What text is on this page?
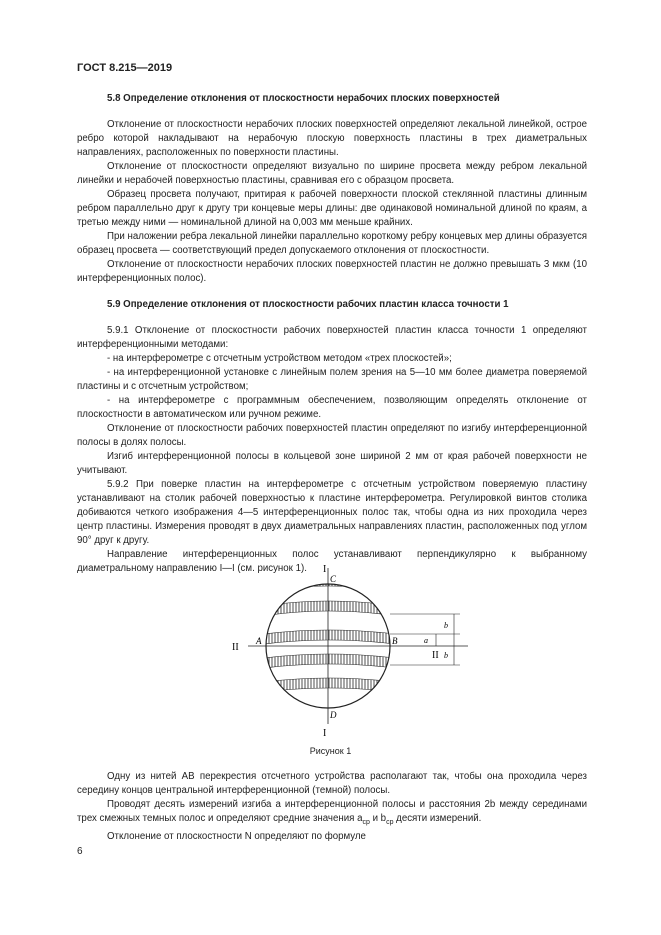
ГОСТ 8.215—2019
5.8 Определение отклонения от плоскостности нерабочих плоских поверхностей

Отклонение от плоскостности нерабочих плоских поверхностей определяют лекальной линейкой, острое ребро которой накладывают на нерабочую плоскую поверхность пластины в трех диаметральных направлениях, расположенных по поверхности пластины.

Отклонение от плоскостности определяют визуально по ширине просвета между ребром лекальной линейки и нерабочей поверхностью пластины, сравнивая его с образцом просвета.

Образец просвета получают, притирая к рабочей поверхности плоской стеклянной пластины длинным ребром параллельно друг к другу три концевые меры длины: две одинаковой номинальной длиной по краям, а третью между ними — номинальной длиной на 0,003 мм меньше крайних.

При наложении ребра лекальной линейки параллельно короткому ребру концевых мер длины образуется образец просвета — соответствующий предел допускаемого отклонения от плоскостности.

Отклонение от плоскостности нерабочих плоских поверхностей пластин не должно превышать 3 мкм (10 интерференционных полос).

5.9 Определение отклонения от плоскостности рабочих пластин класса точности 1

5.9.1 Отклонение от плоскостности рабочих поверхностей пластин класса точности 1 определяют интерференционными методами:

- на интерферометре с отсчетным устройством методом «трех плоскостей»;

- на интерференционной установке с линейным полем зрения на 5—10 мм более диаметра поверяемой пластины и с отсчетным устройством;

- на интерферометре с программным обеспечением, позволяющим определять отклонение от плоскостности в автоматическом или ручном режиме.

Отклонение от плоскостности рабочих поверхностей пластин определяют по изгибу интерференционной полосы в долях полосы.

Изгиб интерференционной полосы в кольцевой зоне шириной 2 мм от края рабочей поверхности не учитывают.

5.9.2 При поверке пластин на интерферометре с отсчетным устройством поверяемую пластину устанавливают на столик рабочей поверхностью к пластине интерферометра. Регулировкой винтов столика добиваются четкого изображения 4—5 интерференционных полос так, чтобы одна из них проходила через центр пластины. Измерения проводят в двух диаметральных направлениях пластин, расположенных под углом 90° друг к другу.

Направление интерференционных полос устанавливают перпендикулярно к выбранному диаметральному направлению I—I (см. рисунок 1).	I
I
II
II
A	B
C
D
a
b
b
Рисунок 1

Одну из нитей AB перекрестия отсчетного устройства располагают так, чтобы она проходила через середину концов центральной интерференционной (темной) полосы.

Проводят десять измерений изгиба a интерференционной полосы и расстояния 2b между серединами трех смежных темных полос и определяют средние значения $a_{ср}$ и $b_{ср}$ десяти измерений.

Отклонение от плоскостности N определяют по формуле

6
